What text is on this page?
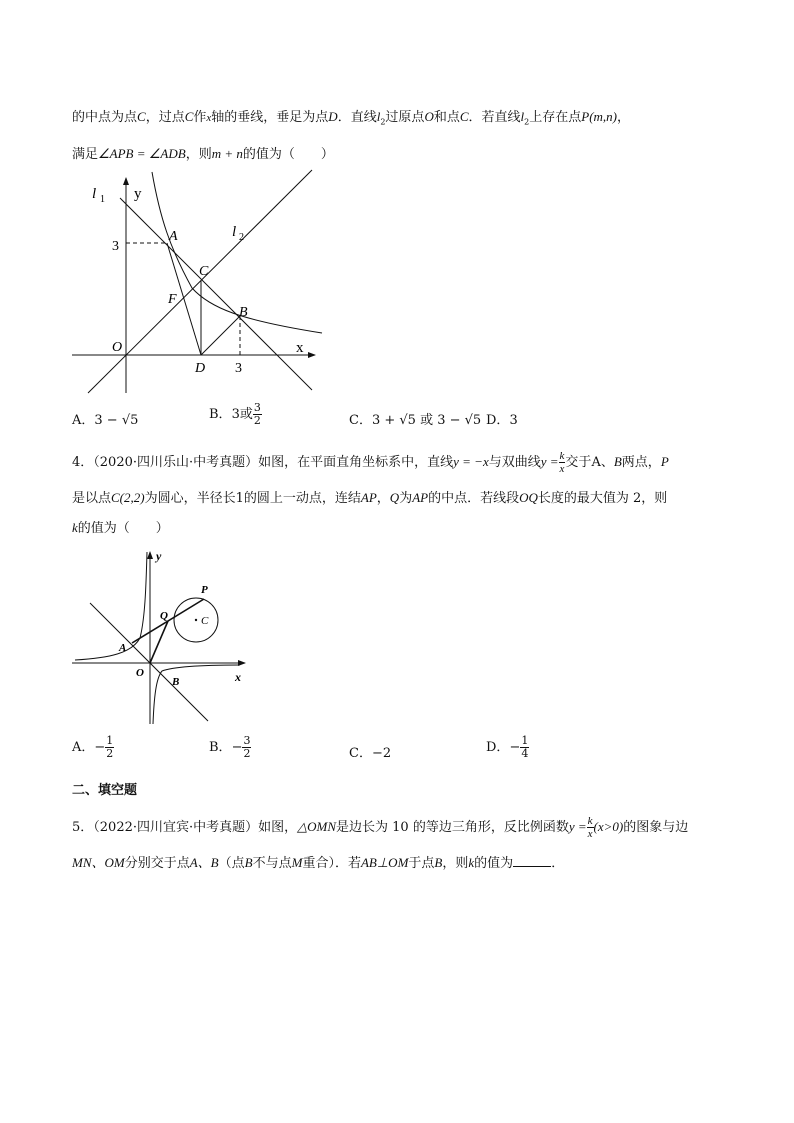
的中点为点C，过点C作x轴的垂线，垂足为点D．直线$l_2$过原点O和点C．若直线$l_2$上存在点P(m,n)，
满足∠APB = ∠ADB，则m + n的值为（　　）
l 1 y
A	l 2
3
C
F
B
O	x
D 3
A．3 − √5	B．3或 $\frac{3}{2}$	C．3 + √5 或 3 − √5 D．3
4．（2020·四川乐山·中考真题）如图，在平面直角坐标系中，直线y = −x与双曲线$y = \frac{k}{x}$ 交于A、B两点，P
是以点C(2,2)为圆心，半径长1的圆上一动点，连结AP，Q为AP的中点．若线段OQ长度的最大值为 2，则
k的值为（　　）
y
P
Q	C
A
O
B	x
A．− $\frac{1}{2}$	B．− $\frac{3}{2}$	C．−2	D．− $\frac{1}{4}$
二、填空题
5．（2022·四川宜宾·中考真题）如图，△OMN是边长为 10 的等边三角形，反比例函数$y = \frac{k}{x} (x>0)$的图象与边
MN、OM分别交于点A、B（点B不与点M重合）．若AB⊥OM于点B，则k的值为	．
